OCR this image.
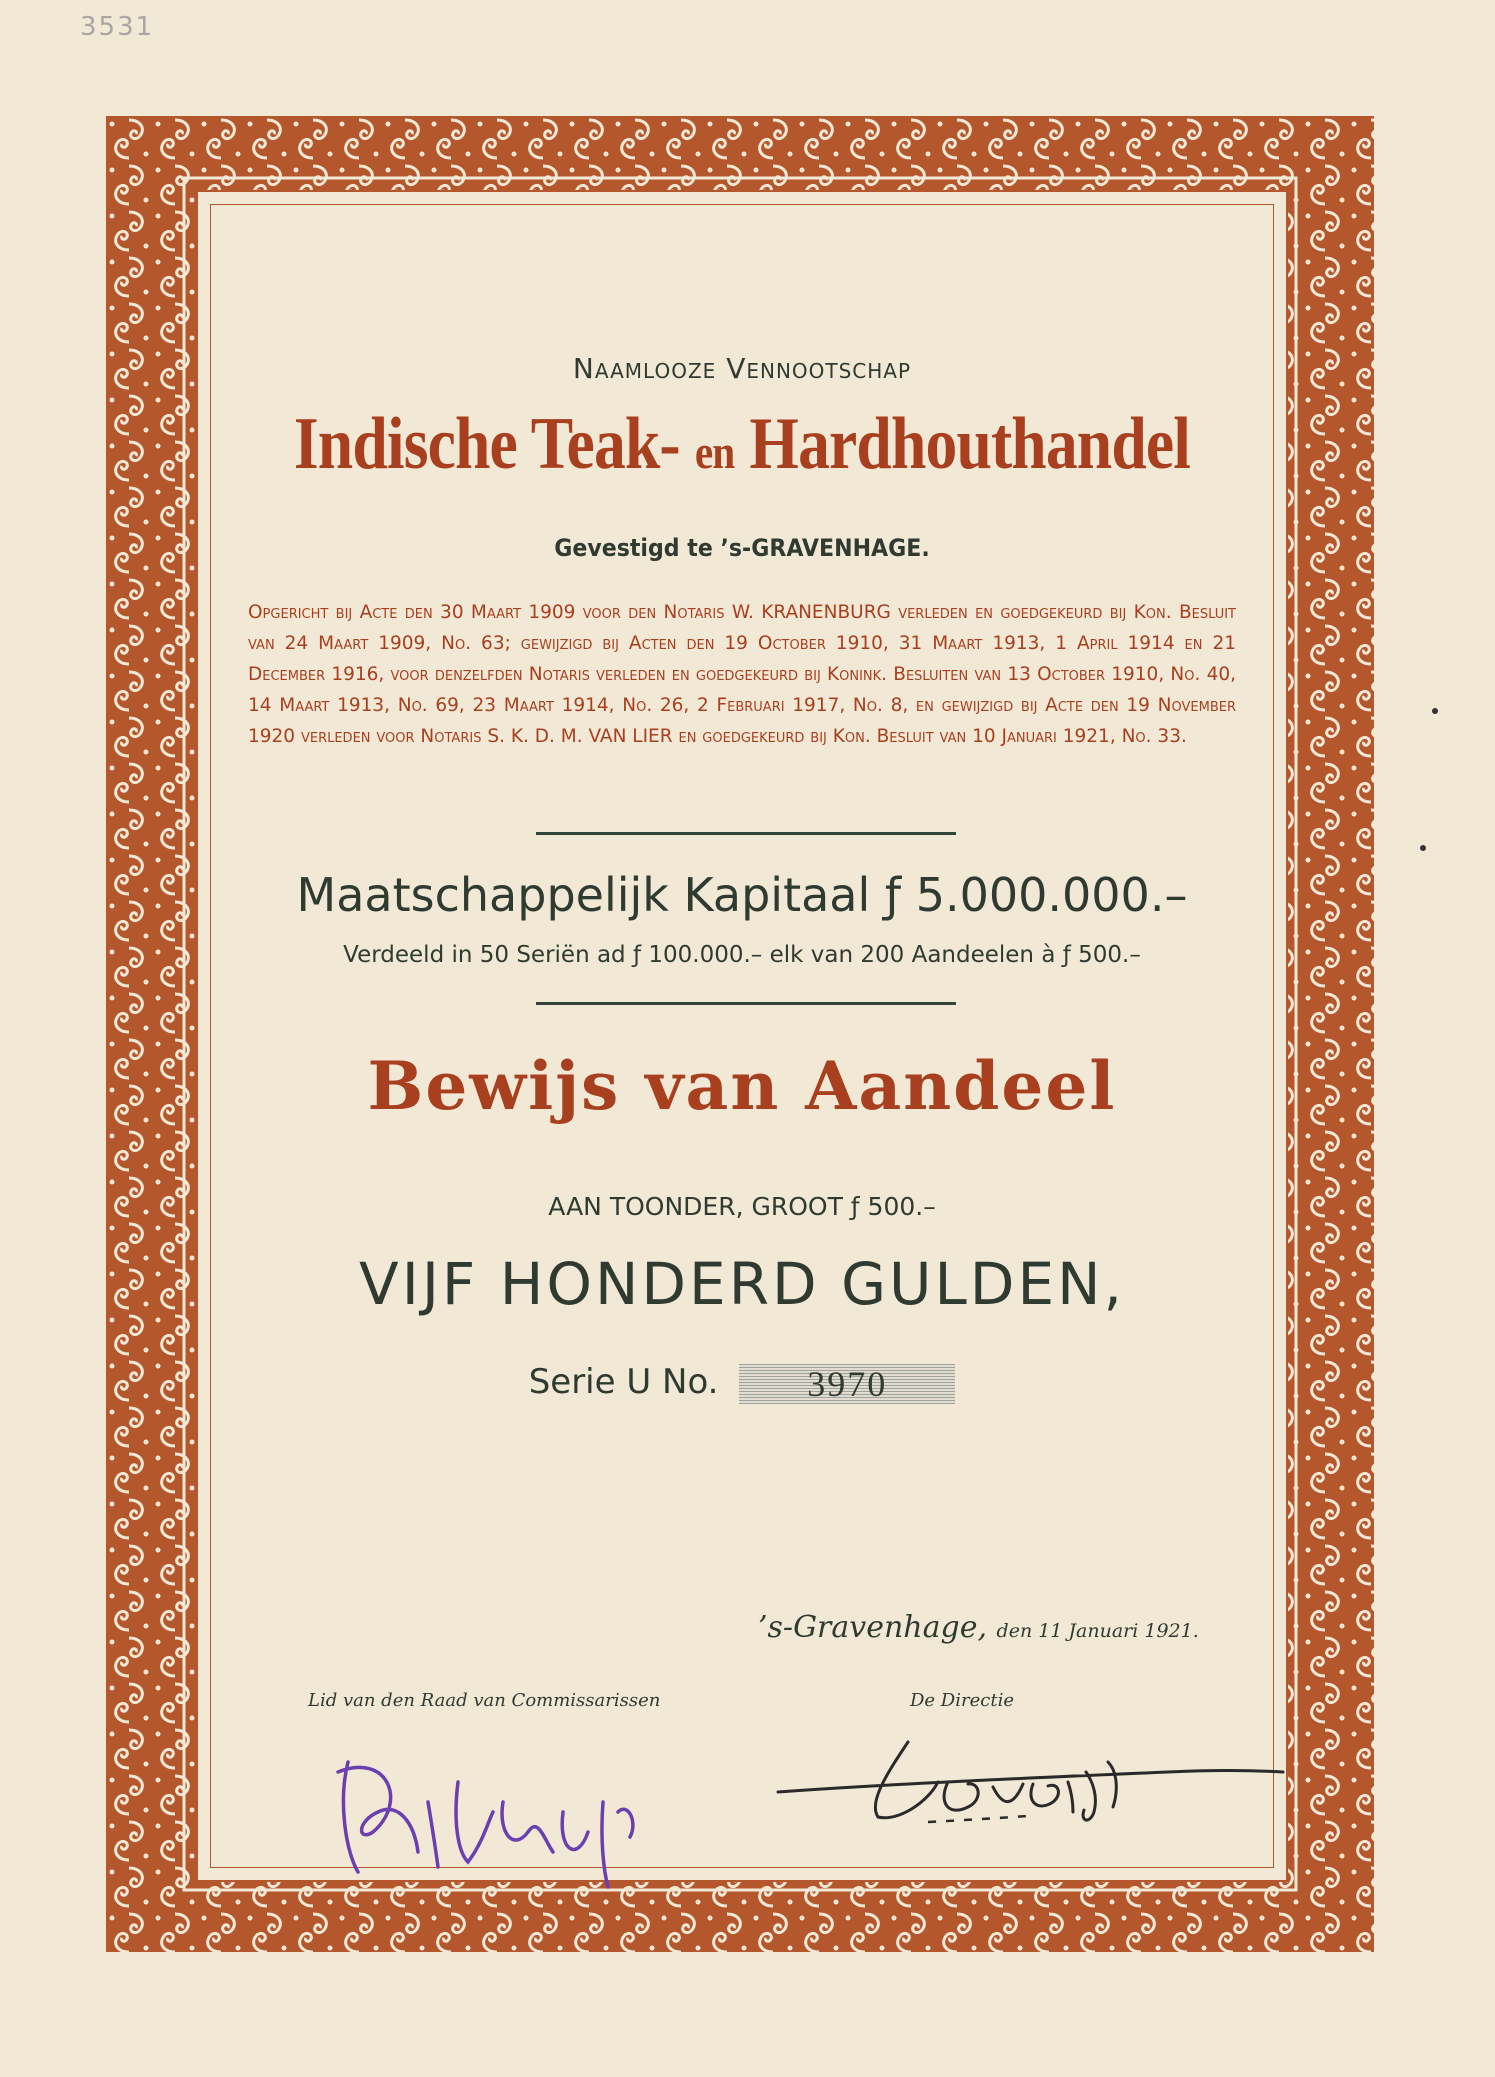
3531
Naamlooze Vennootschap
Indische Teak- en Hardhouthandel
Gevestigd te ’s-GRAVENHAGE.
Opgericht bij Acte den 30 Maart 1909 voor den Notaris W. KRANENBURG verleden en goedgekeurd bij Kon. Besluit van 24 Maart 1909, No. 63; gewijzigd bij Acten den 19 October 1910, 31 Maart 1913, 1 April 1914 en 21 December 1916, voor denzelfden Notaris verleden en goedgekeurd bij Konink. Besluiten van 13 October 1910, No. 40, 14 Maart 1913, No. 69, 23 Maart 1914, No. 26, 2 Februari 1917, No. 8, en gewijzigd bij Acte den 19 November 1920 verleden voor Notaris S. K. D. M. VAN LIER en goedgekeurd bij Kon. Besluit van 10 Januari 1921, No. 33.
Maatschappelijk Kapitaal ƒ 5.000.000.–
Verdeeld in 50 Seriën ad ƒ 100.000.– elk van 200 Aandeelen à ƒ 500.–
Bewijs van Aandeel
AAN TOONDER, GROOT ƒ 500.–
VIJF HONDERD GULDEN,
Serie U No. 3970
’s-Gravenhage, den 11 Januari 1921.
Lid van den Raad van Commissarissen	De Directie
